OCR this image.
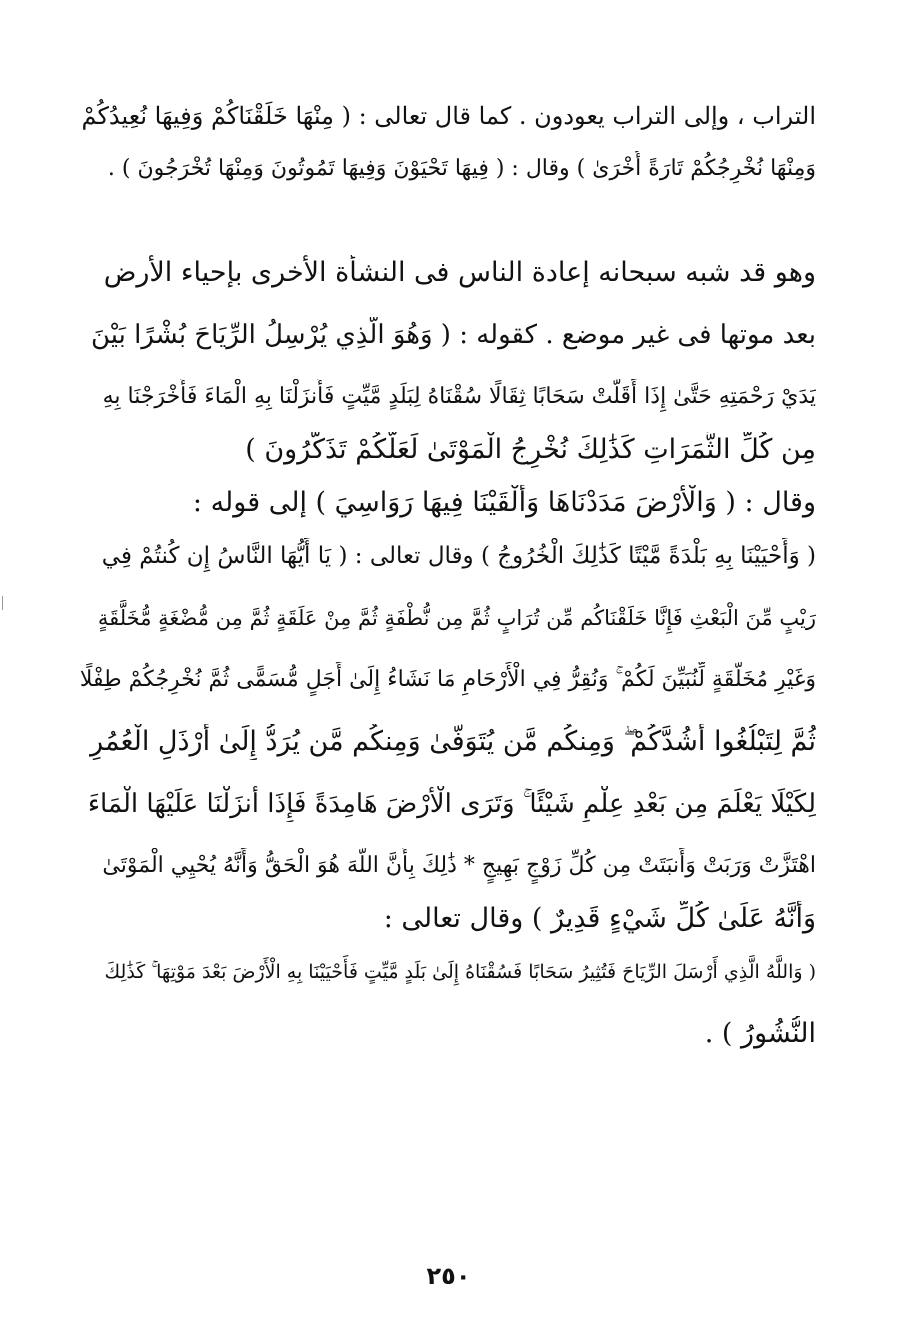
التراب ، وإلى التراب يعودون . كما قال تعالى : ( مِنْهَا خَلَقْنَاكُمْ وَفِيهَا نُعِيدُكُمْ

وَمِنْهَا نُخْرِجُكُمْ تَارَةً أُخْرَىٰ ) وقال : ( فِيهَا تَحْيَوْنَ وَفِيهَا تَمُوتُونَ وَمِنْهَا تُخْرَجُونَ ) .

وهو قد شبه سبحانه إعادة الناس فى النشأة الأخرى بإحياء الأرض

بعد موتها فى غير موضع . كقوله : ( وَهُوَ الَّذِي يُرْسِلُ الرِّيَاحَ بُشْرًا بَيْنَ

يَدَيْ رَحْمَتِهِ حَتَّىٰ إِذَا أَقَلَّتْ سَحَابًا ثِقَالًا سُقْنَاهُ لِبَلَدٍ مَّيِّتٍ فَأَنزَلْنَا بِهِ الْمَاءَ فَأَخْرَجْنَا بِهِ

مِن كُلِّ الثَّمَرَاتِ كَذَٰلِكَ نُخْرِجُ الْمَوْتَىٰ لَعَلَّكُمْ تَذَكَّرُونَ )

وقال : ( وَالْأَرْضَ مَدَدْنَاهَا وَأَلْقَيْنَا فِيهَا رَوَاسِيَ ) إلى قوله :

( وَأَحْيَيْنَا بِهِ بَلْدَةً مَّيْتًا كَذَٰلِكَ الْخُرُوجُ ) وقال تعالى : ( يَا أَيُّهَا النَّاسُ إِن كُنتُمْ فِي

رَيْبٍ مِّنَ الْبَعْثِ فَإِنَّا خَلَقْنَاكُم مِّن تُرَابٍ ثُمَّ مِن نُّطْفَةٍ ثُمَّ مِنْ عَلَقَةٍ ثُمَّ مِن مُّضْغَةٍ مُّخَلَّقَةٍ

وَغَيْرِ مُخَلَّقَةٍ لِّنُبَيِّنَ لَكُمْ ۚ وَنُقِرُّ فِي الْأَرْحَامِ مَا نَشَاءُ إِلَىٰ أَجَلٍ مُّسَمًّى ثُمَّ نُخْرِجُكُمْ طِفْلًا

ثُمَّ لِتَبْلُغُوا أَشُدَّكُمْ ۖ وَمِنكُم مَّن يُتَوَفَّىٰ وَمِنكُم مَّن يُرَدُّ إِلَىٰ أَرْذَلِ الْعُمُرِ

لِكَيْلَا يَعْلَمَ مِن بَعْدِ عِلْمٍ شَيْئًا ۚ وَتَرَى الْأَرْضَ هَامِدَةً فَإِذَا أَنزَلْنَا عَلَيْهَا الْمَاءَ

اهْتَزَّتْ وَرَبَتْ وَأَنبَتَتْ مِن كُلِّ زَوْجٍ بَهِيجٍ * ذَٰلِكَ بِأَنَّ اللَّهَ هُوَ الْحَقُّ وَأَنَّهُ يُحْيِي الْمَوْتَىٰ

وَأَنَّهُ عَلَىٰ كُلِّ شَيْءٍ قَدِيرٌ ) وقال تعالى :

( وَاللَّهُ الَّذِي أَرْسَلَ الرِّيَاحَ فَتُثِيرُ سَحَابًا فَسُقْنَاهُ إِلَىٰ بَلَدٍ مَّيِّتٍ فَأَحْيَيْنَا بِهِ الْأَرْضَ بَعْدَ مَوْتِهَا ۚ كَذَٰلِكَ

النُّشُورُ ) .

٢٥٠
